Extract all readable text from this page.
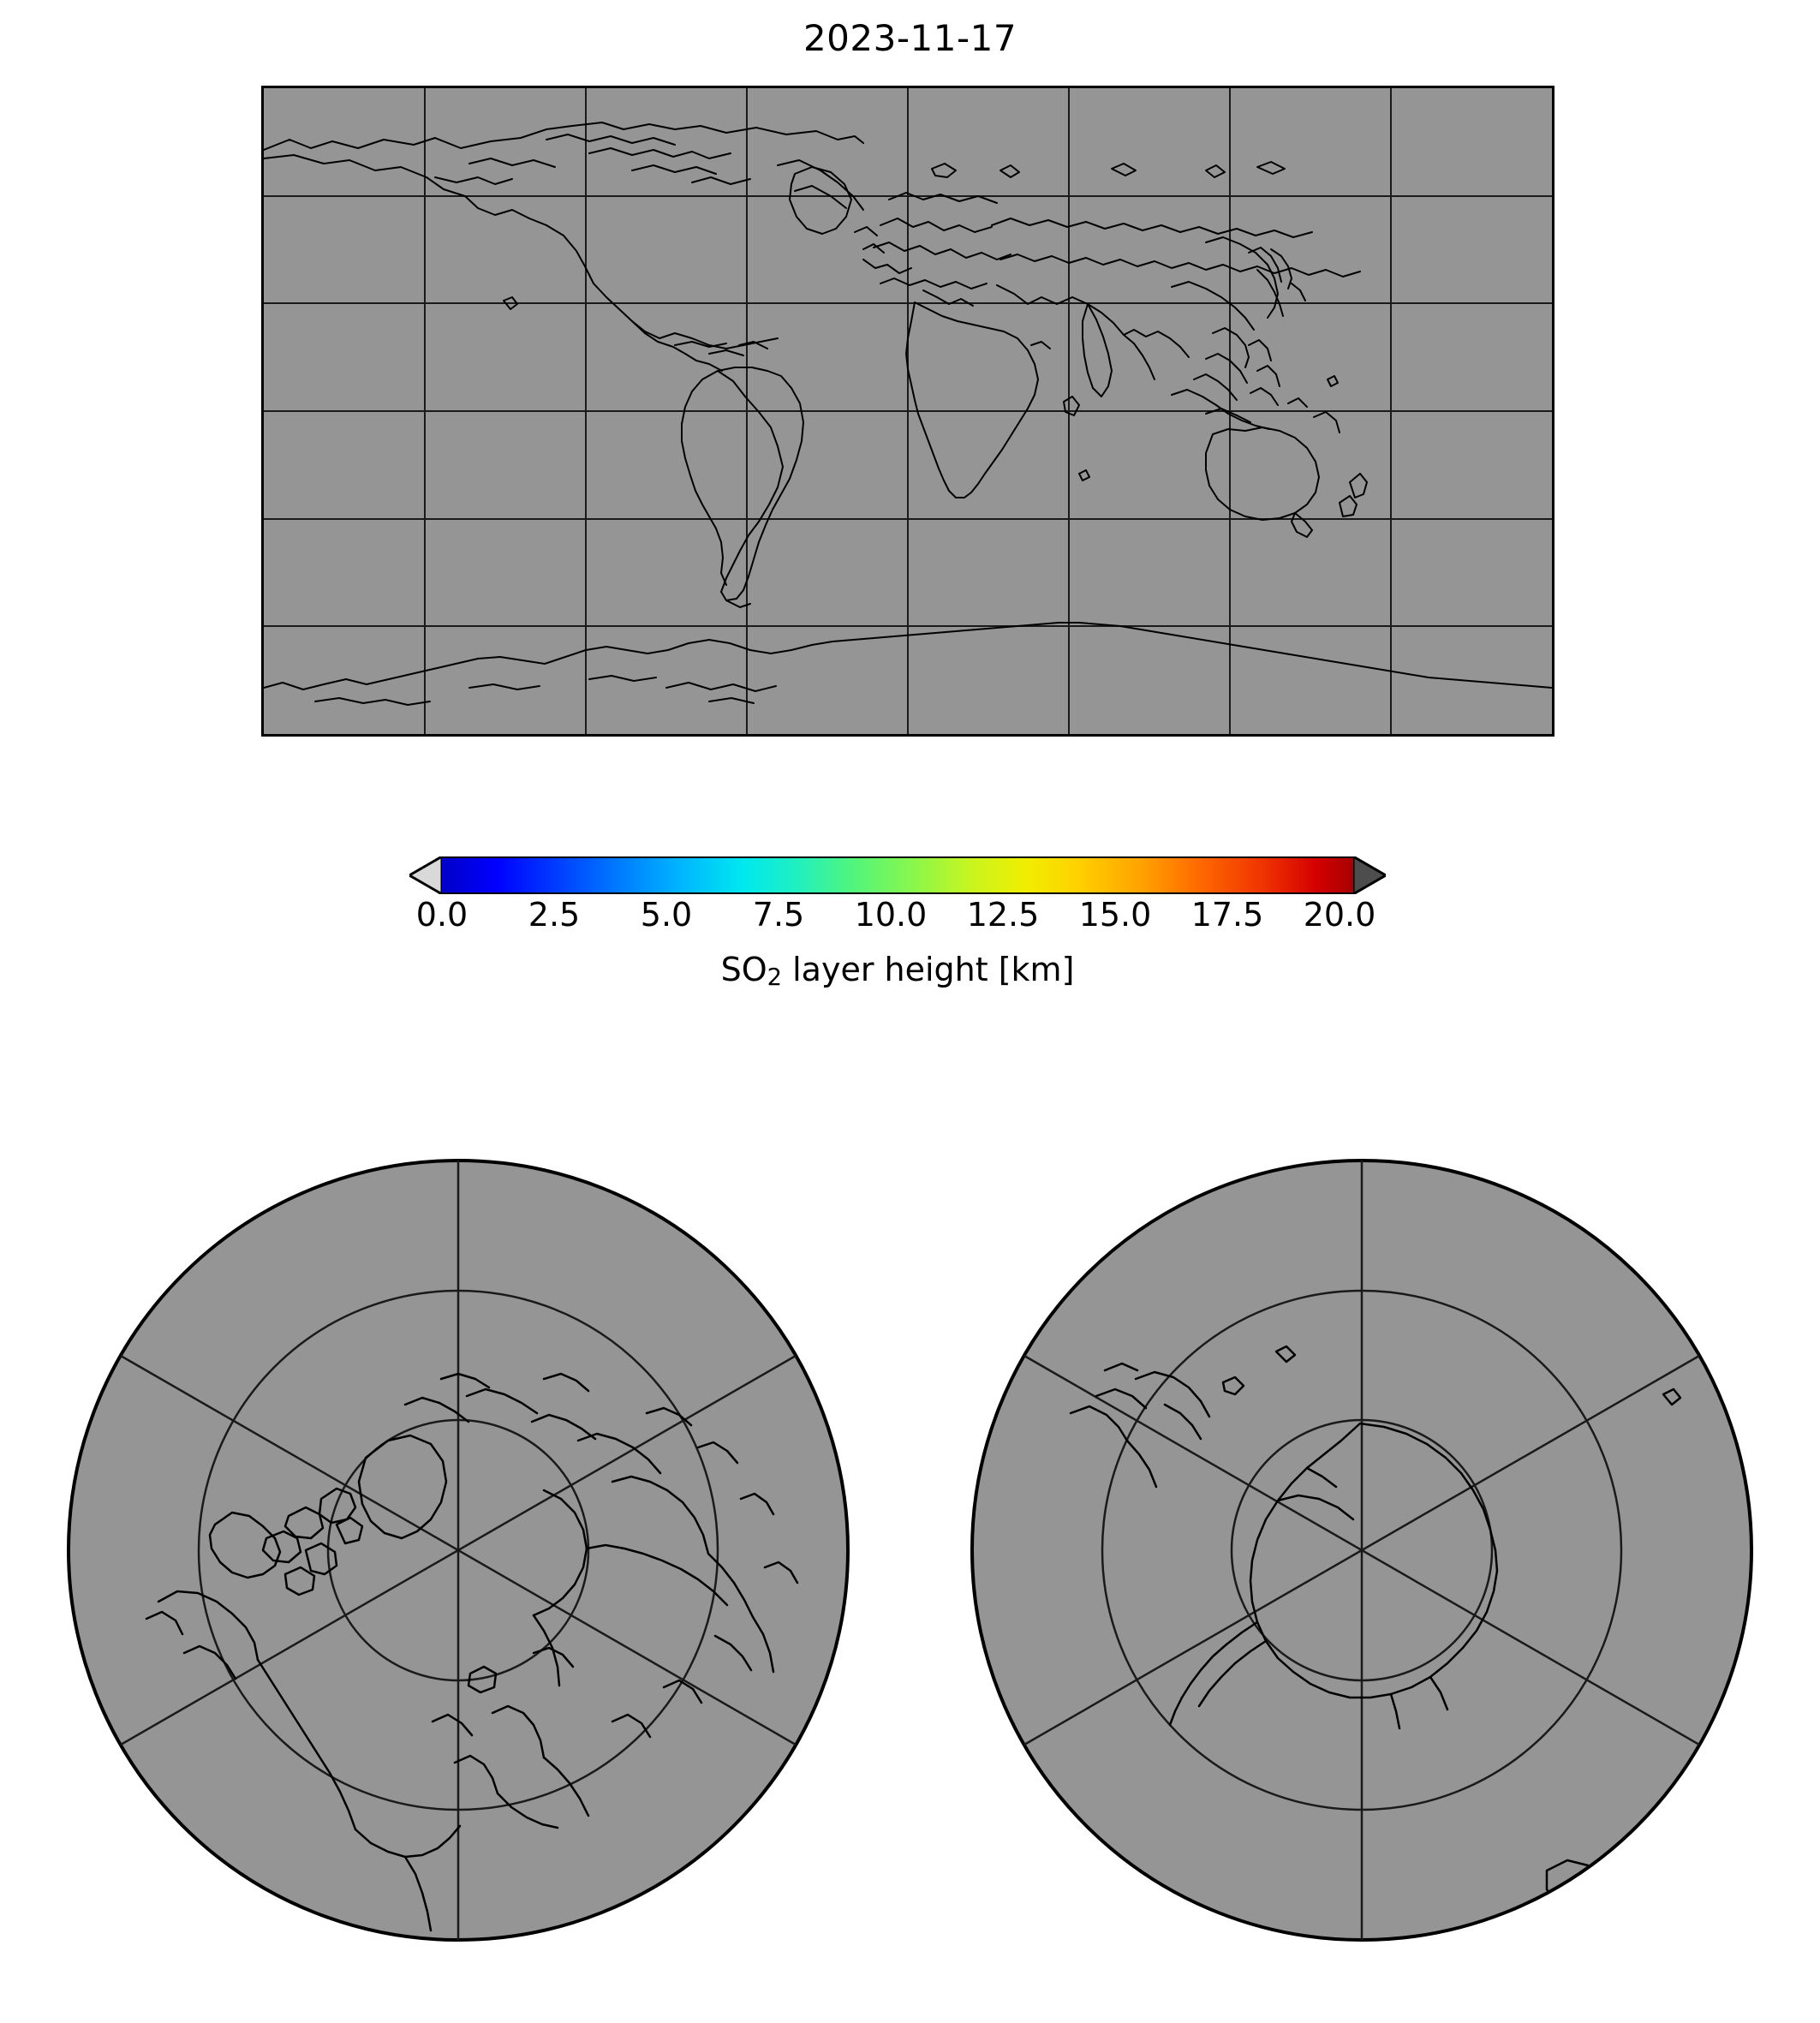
2023-11-17
0.0 2.5 5.0 7.5 10.0 12.5 15.0 17.5 20.0
$SO_2$ layer height [km]
